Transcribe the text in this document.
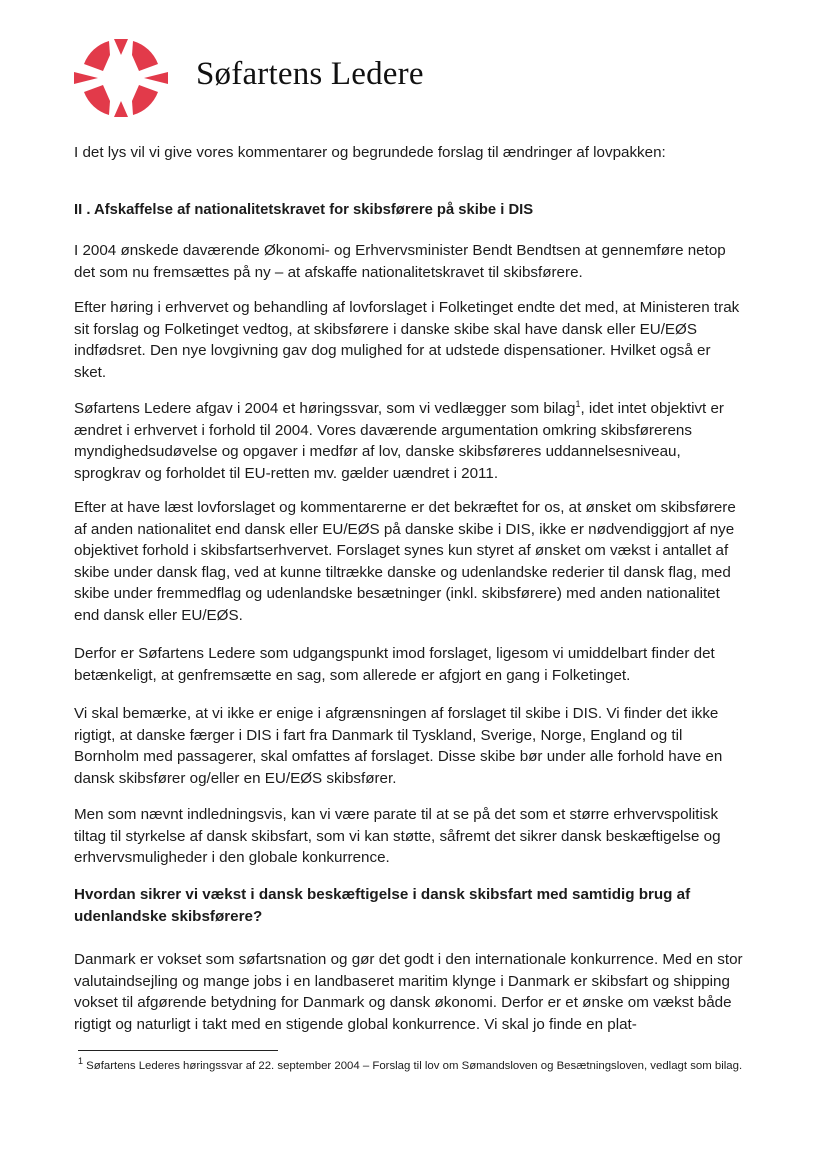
Søfartens Ledere
I det lys vil vi give vores kommentarer og begrundede forslag til ændringer af lovpakken:
II . Afskaffelse af nationalitetskravet for skibsførere på skibe i DIS
I 2004 ønskede daværende Økonomi- og Erhvervsminister Bendt Bendtsen at gennemføre netop det som nu fremsættes på ny – at afskaffe nationalitetskravet til skibsførere.
Efter høring i erhvervet og behandling af lovforslaget i Folketinget endte det med, at Ministeren trak sit forslag og Folketinget vedtog, at skibsførere i danske skibe skal have dansk eller EU/EØS indfødsret. Den nye lovgivning gav dog mulighed for at udstede dispensationer. Hvilket også er sket.
Søfartens Ledere afgav i 2004 et høringssvar, som vi vedlægger som bilag$^1$, idet intet objektivt er ændret i erhvervet i forhold til 2004. Vores daværende argumentation omkring skibsførerens myndighedsudøvelse og opgaver i medfør af lov, danske skibsføreres uddannelsesniveau, sprogkrav og forholdet til EU-retten mv. gælder uændret i 2011.
Efter at have læst lovforslaget og kommentarerne er det bekræftet for os, at ønsket om skibsførere af anden nationalitet end dansk eller EU/EØS på danske skibe i DIS, ikke er nødvendiggjort af nye objektivet forhold i skibsfartserhvervet. Forslaget synes kun styret af ønsket om vækst i antallet af skibe under dansk flag, ved at kunne tiltrække danske og udenlandske rederier til dansk flag, med skibe under fremmedflag og udenlandske besætninger (inkl. skibsførere) med anden nationalitet end dansk eller EU/EØS.
Derfor er Søfartens Ledere som udgangspunkt imod forslaget, ligesom vi umiddelbart finder det betænkeligt, at genfremsætte en sag, som allerede er afgjort en gang i Folketinget.
Vi skal bemærke, at vi ikke er enige i afgrænsningen af forslaget til skibe i DIS. Vi finder det ikke rigtigt, at danske færger i DIS i fart fra Danmark til Tyskland, Sverige, Norge, England og til Bornholm med passagerer, skal omfattes af forslaget. Disse skibe bør under alle forhold have en dansk skibsfører og/eller en EU/EØS skibsfører.
Men som nævnt indledningsvis, kan vi være parate til at se på det som et større erhvervspolitisk tiltag til styrkelse af dansk skibsfart, som vi kan støtte, såfremt det sikrer dansk beskæftigelse og erhvervsmuligheder i den globale konkurrence.
Hvordan sikrer vi vækst i dansk beskæftigelse i dansk skibsfart med samtidig brug af udenlandske skibsførere?
Danmark er vokset som søfartsnation og gør det godt i den internationale konkurrence. Med en stor valutaindsejling og mange jobs i en landbaseret maritim klynge i Danmark er skibsfart og shipping vokset til afgørende betydning for Danmark og dansk økonomi. Derfor er et ønske om vækst både rigtigt og naturligt i takt med en stigende global konkurrence. Vi skal jo finde en plat-
$^1$ Søfartens Lederes høringssvar af 22. september 2004 – Forslag til lov om Sømandsloven og Besætningsloven, vedlagt som bilag.
